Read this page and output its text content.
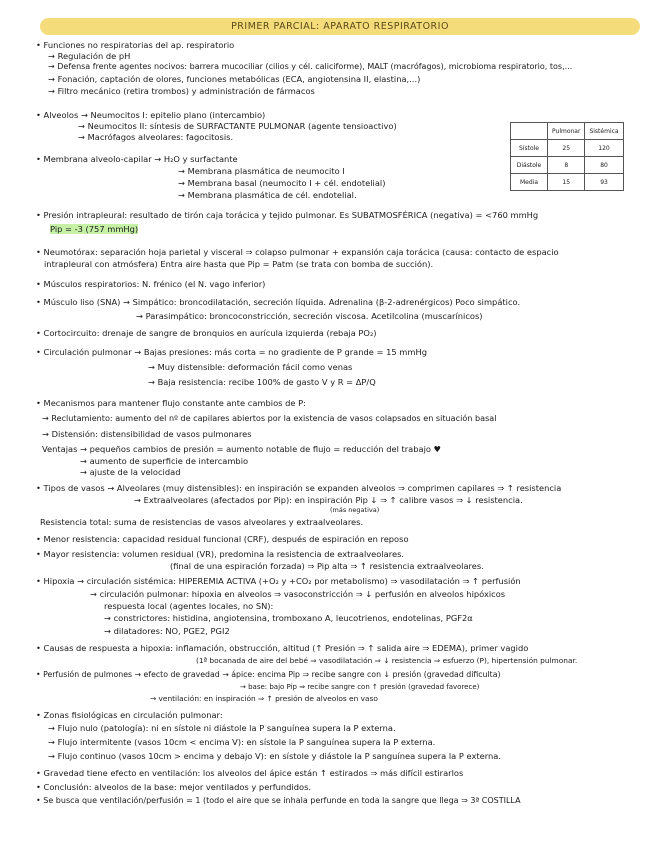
PRIMER PARCIAL: APARATO RESPIRATORIO
• Funciones no respiratorias del ap. respiratorio
→ Regulación de pH
→ Defensa frente agentes nocivos: barrera mucociliar (cilios y cél. caliciforme), MALT (macrófagos), microbioma respiratorio, tos,...
→ Fonación, captación de olores, funciones metabólicas (ECA, angiotensina II, elastina,...)
→ Filtro mecánico (retira trombos) y administración de fármacos
• Alveolos → Neumocitos I: epitelio plano (intercambio)
→ Neumocitos II: síntesis de SURFACTANTE PULMONAR (agente tensioactivo)
→ Macrófagos alveolares: fagocitosis.
• Membrana alveolo-capilar → H₂O y surfactante
→ Membrana plasmática de neumocito I
→ Membrana basal (neumocito I + cél. endotelial)
→ Membrana plasmática de cél. endotelial.
• Presión intrapleural: resultado de tirón caja torácica y tejido pulmonar. Es SUBATMOSFÉRICA (negativa) = <760 mmHg
Pip = -3 (757 mmHg)
• Neumotórax: separación hoja parietal y visceral ⇒ colapso pulmonar + expansión caja torácica (causa: contacto de espacio
intrapleural con atmósfera) Entra aire hasta que Pip = Patm (se trata con bomba de succión).
• Músculos respiratorios: N. frénico (el N. vago inferior)
• Músculo liso (SNA) → Simpático: broncodilatación, secreción líquida. Adrenalina (β-2-adrenérgicos) Poco simpático.
→ Parasimpático: broncoconstricción, secreción viscosa. Acetilcolina (muscarínicos)
• Cortocircuito: drenaje de sangre de bronquios en aurícula izquierda (rebaja PO₂)
• Circulación pulmonar → Bajas presiones: más corta = no gradiente de P grande = 15 mmHg
→ Muy distensible: deformación fácil como venas
→ Baja resistencia: recibe 100% de gasto V y R = ΔP/Q
• Mecanismos para mantener flujo constante ante cambios de P:
→ Reclutamiento: aumento del nº de capilares abiertos por la existencia de vasos colapsados en situación basal
→ Distensión: distensibilidad de vasos pulmonares
Ventajas → pequeños cambios de presión = aumento notable de flujo = reducción del trabajo ♥
→ aumento de superficie de intercambio
→ ajuste de la velocidad
• Tipos de vasos → Alveolares (muy distensibles): en inspiración se expanden alveolos ⇒ comprimen capilares ⇒ ↑ resistencia
→ Extraalveolares (afectados por Pip): en inspiración Pip ↓ ⇒ ↑ calibre vasos ⇒ ↓ resistencia.
(más negativa)
Resistencia total: suma de resistencias de vasos alveolares y extraalveolares.
• Menor resistencia: capacidad residual funcional (CRF), después de espiración en reposo
• Mayor resistencia: volumen residual (VR), predomina la resistencia de extraalveolares.
(final de una espiración forzada) ⇒ Pip alta ⇒ ↑ resistencia extraalveolares.
• Hipoxia → circulación sistémica: HIPEREMIA ACTIVA (+O₂ y +CO₂ por metabolismo) ⇒ vasodilatación ⇒ ↑ perfusión
→ circulación pulmonar: hipoxia en alveolos ⇒ vasoconstricción ⇒ ↓ perfusión en alveolos hipóxicos
respuesta local (agentes locales, no SN):
→ constrictores: histidina, angiotensina, tromboxano A, leucotrienos, endotelinas, PGF2α
→ dilatadores: NO, PGE2, PGI2
• Causas de respuesta a hipoxia: inflamación, obstrucción, altitud (↑ Presión ⇒ ↑ salida aire ⇒ EDEMA), primer vagido
(1ª bocanada de aire del bebé ⇒ vasodilatación ⇒ ↓ resistencia ⇒ esfuerzo (P), hipertensión pulmonar.
• Perfusión de pulmones → efecto de gravedad → ápice: encima Pip ⇒ recibe sangre con ↓ presión (gravedad dificulta)
→ base: bajo Pip ⇒ recibe sangre con ↑ presión (gravedad favorece)
→ ventilación: en inspiración ⇒ ↑ presión de alveolos en vaso
• Zonas fisiológicas en circulación pulmonar:
→ Flujo nulo (patología): ni en sístole ni diástole la P sanguínea supera la P externa.
→ Flujo intermitente (vasos 10cm < encima V): en sístole la P sanguínea supera la P externa.
→ Flujo continuo (vasos 10cm > encima y debajo V): en sístole y diástole la P sanguínea supera la P externa.
• Gravedad tiene efecto en ventilación: los alveolos del ápice están ↑ estirados ⇒ más difícil estirarlos
• Conclusión: alveolos de la base: mejor ventilados y perfundidos.
• Se busca que ventilación/perfusión = 1 (todo el aire que se inhala perfunde en toda la sangre que llega ⇒ 3ª COSTILLA
	Pulmonar	Sistémica
Sístole	25	120
Diástole	8	80
Media	15	93
